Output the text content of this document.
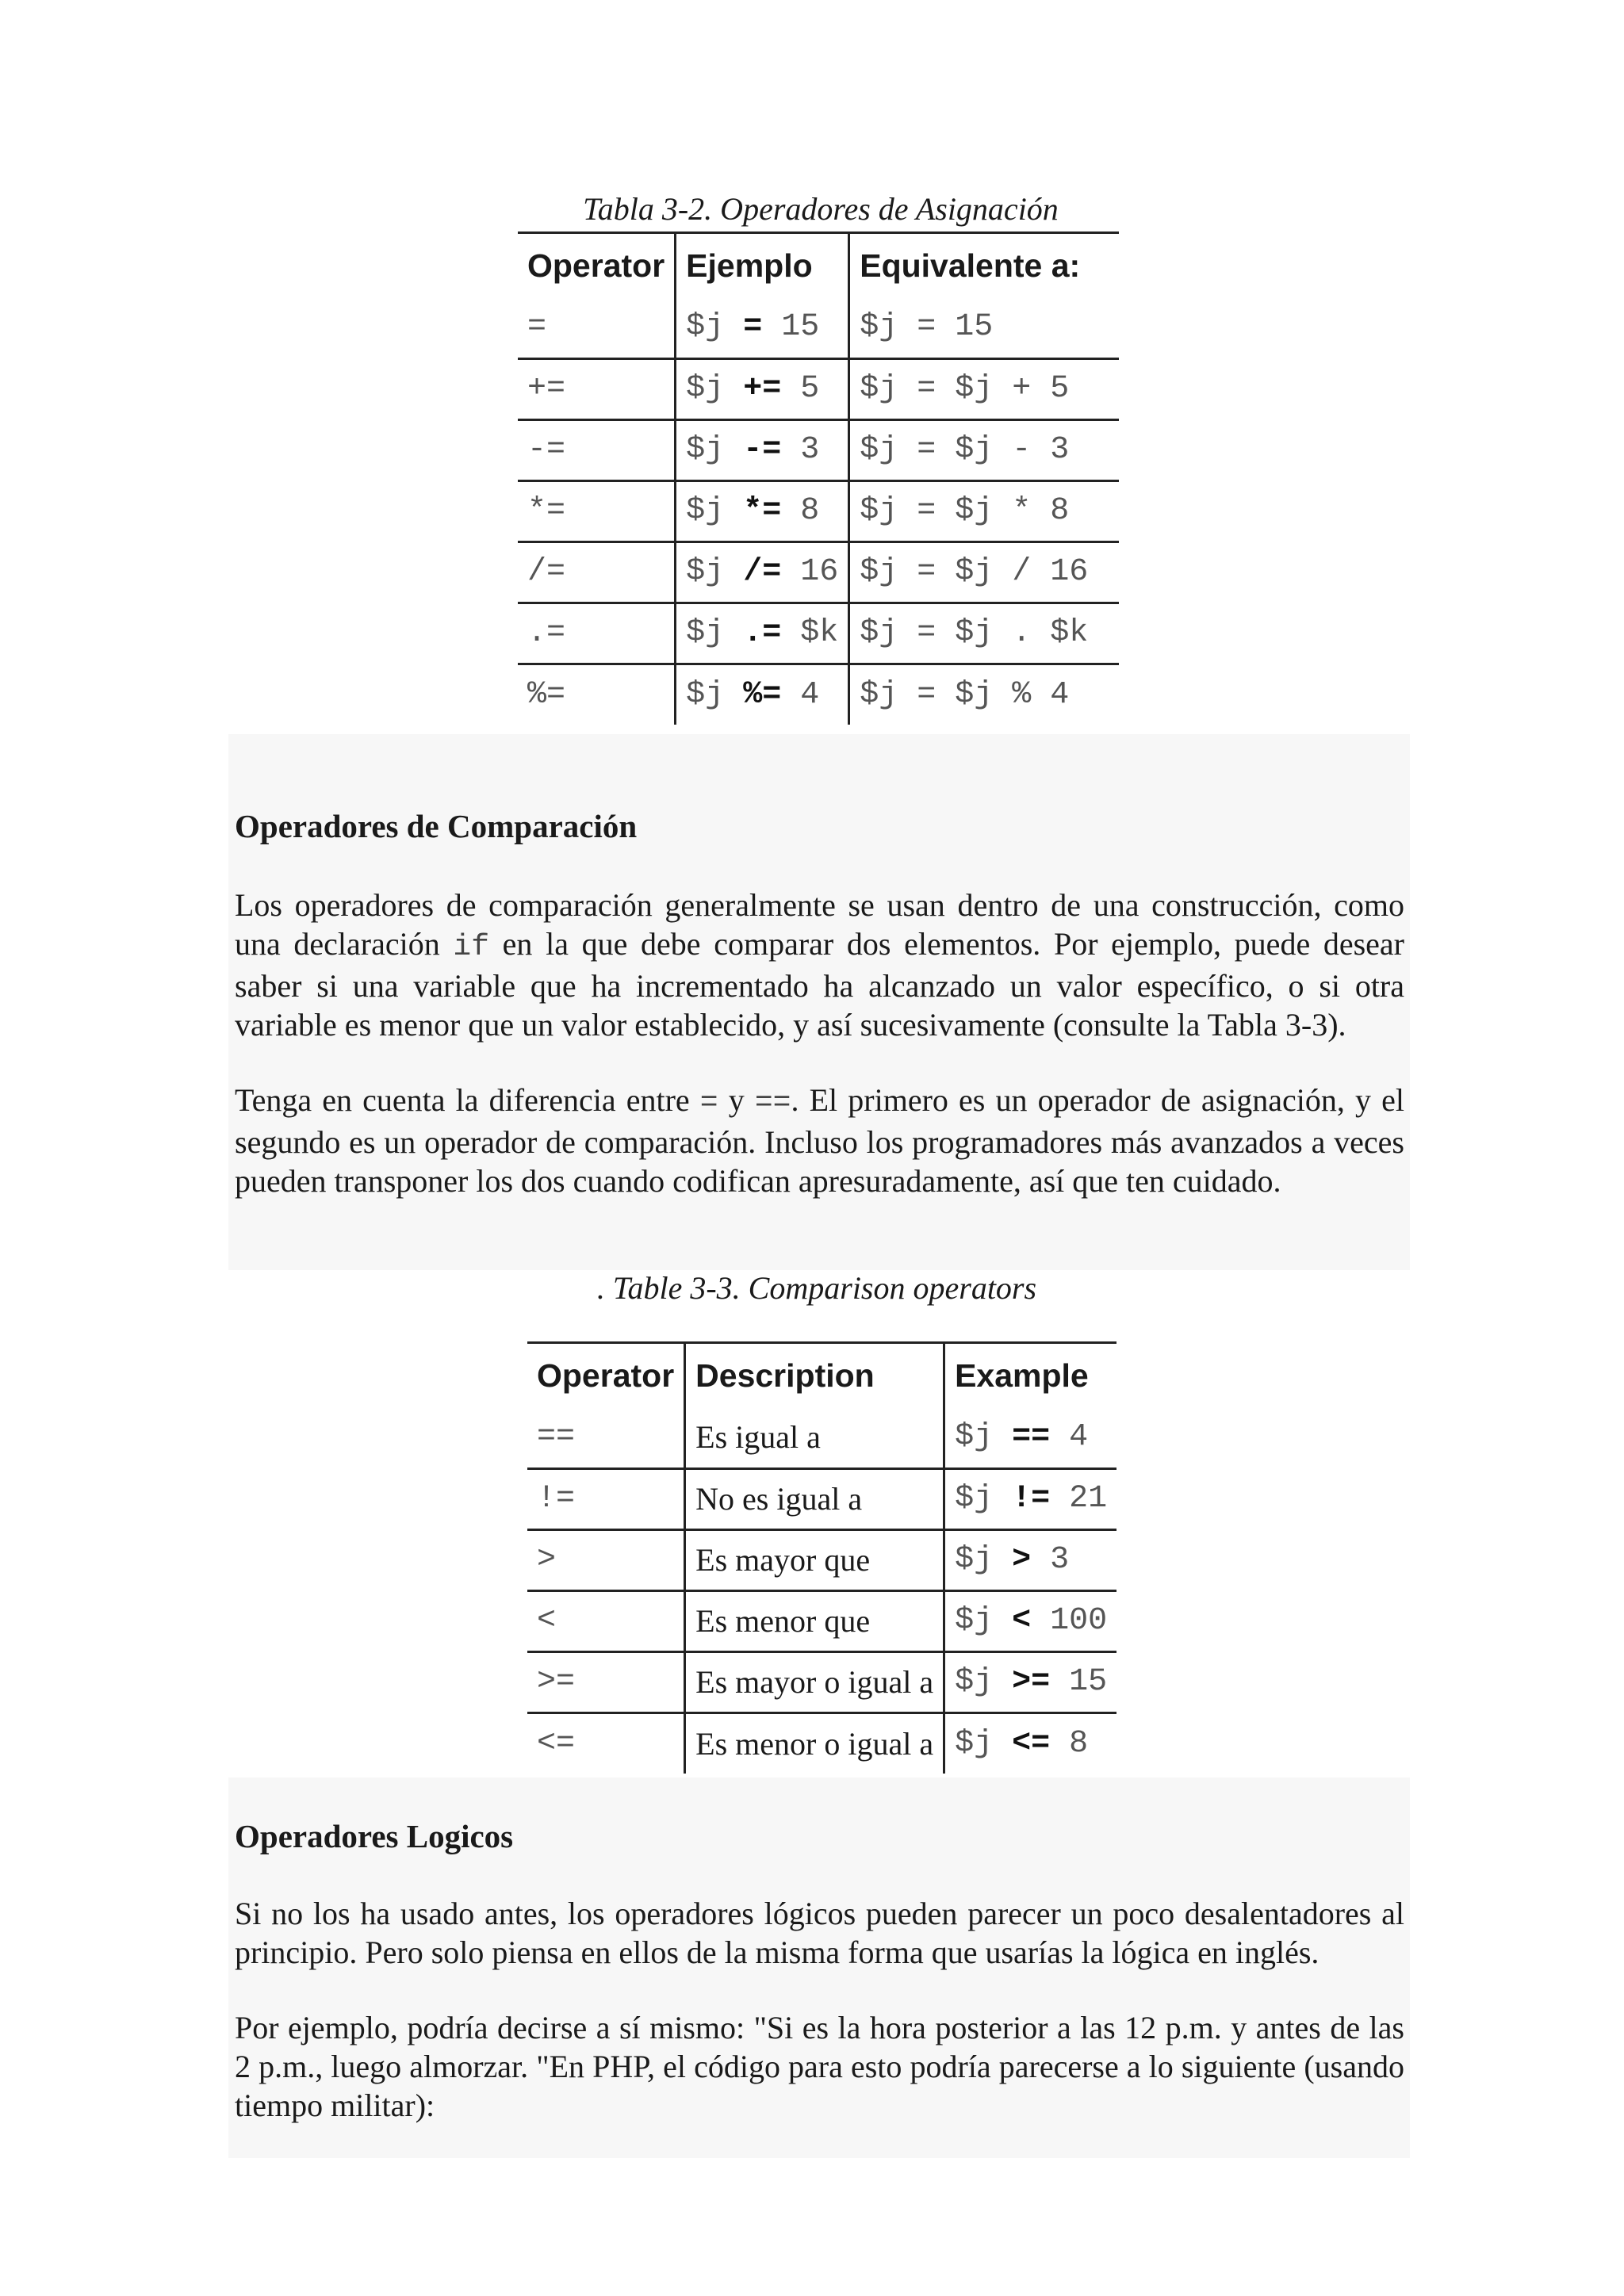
Tabla 3-2. Operadores de Asignación
Operator	Ejemplo	Equivalente a:
=	$j = 15	$j = 15
+=	$j += 5	$j = $j + 5
-=	$j -= 3	$j = $j - 3
*=	$j *= 8	$j = $j * 8
/=	$j /= 16	$j = $j / 16
.=	$j .= $k	$j = $j . $k
%=	$j %= 4	$j = $j % 4
Operadores de Comparación
Los operadores de comparación generalmente se usan dentro de una construcción, como una declaración if en la que debe comparar dos elementos. Por ejemplo, puede desear saber si una variable que ha incrementado ha alcanzado un valor específico, o si otra variable es menor que un valor establecido, y así sucesivamente (consulte la Tabla 3-3).
Tenga en cuenta la diferencia entre = y ==. El primero es un operador de asignación, y el segundo es un operador de comparación. Incluso los programadores más avanzados a veces pueden transponer los dos cuando codifican apresuradamente, así que ten cuidado.
. Table 3-3. Comparison operators
Operator	Description	Example
==	Es igual a	$j == 4
!=	No es igual a	$j != 21
>	Es mayor que	$j > 3
<	Es menor que	$j < 100
>=	Es mayor o igual a	$j >= 15
<=	Es menor o igual a	$j <= 8
Operadores Logicos
Si no los ha usado antes, los operadores lógicos pueden parecer un poco desalentadores al principio. Pero solo piensa en ellos de la misma forma que usarías la lógica en inglés.
Por ejemplo, podría decirse a sí mismo: "Si es la hora posterior a las 12 p.m. y antes de las 2 p.m., luego almorzar. "En PHP, el código para esto podría parecerse a lo siguiente (usando tiempo militar):
